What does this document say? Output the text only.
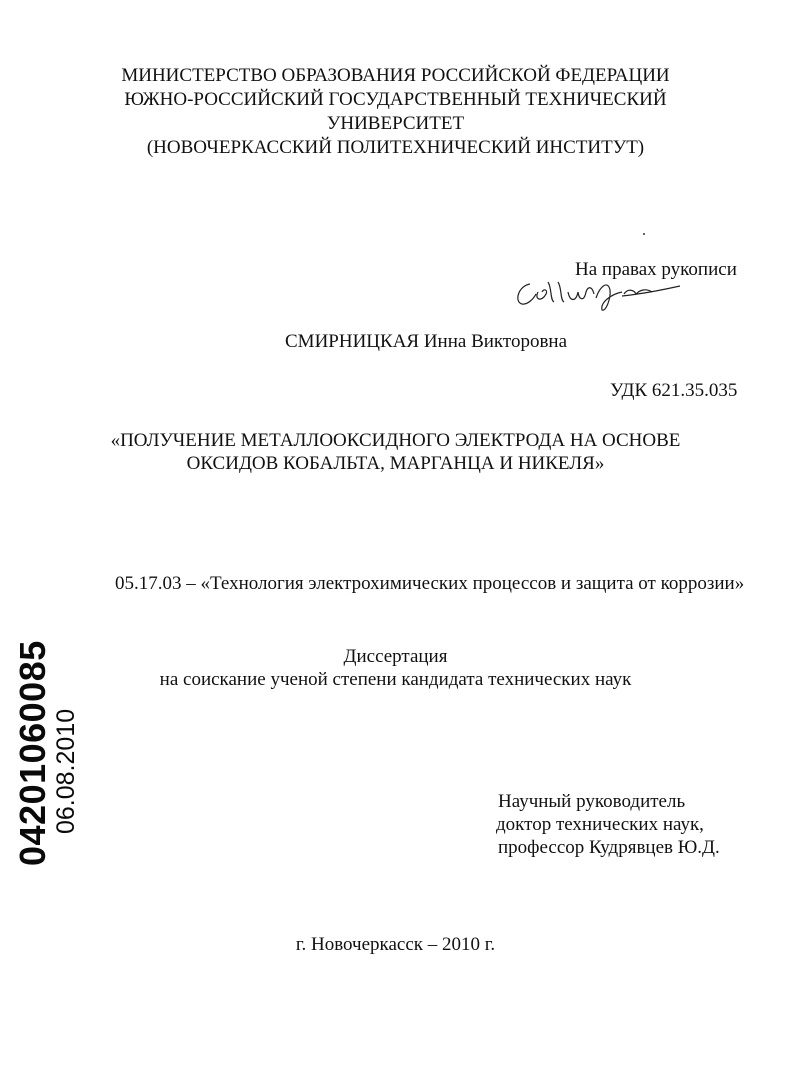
МИНИСТЕРСТВО ОБРАЗОВАНИЯ РОССИЙСКОЙ ФЕДЕРАЦИИ
ЮЖНО-РОССИЙСКИЙ ГОСУДАРСТВЕННЫЙ ТЕХНИЧЕСКИЙ
УНИВЕРСИТЕТ
(НОВОЧЕРКАССКИЙ ПОЛИТЕХНИЧЕСКИЙ ИНСТИТУТ)
На правах рукописи
СМИРНИЦКАЯ Инна Викторовна
УДК 621.35.035
«ПОЛУЧЕНИЕ МЕТАЛЛООКСИДНОГО ЭЛЕКТРОДА НА ОСНОВЕ
ОКСИДОВ КОБАЛЬТА, МАРГАНЦА И НИКЕЛЯ»
05.17.03 – «Технология электрохимических процессов и защита от коррозии»
Диссертация
на соискание ученой степени кандидата технических наук
Научный руководитель
доктор технических наук,
профессор Кудрявцев Ю.Д.
г. Новочеркасск – 2010 г.
04201060085 06.08.2010
